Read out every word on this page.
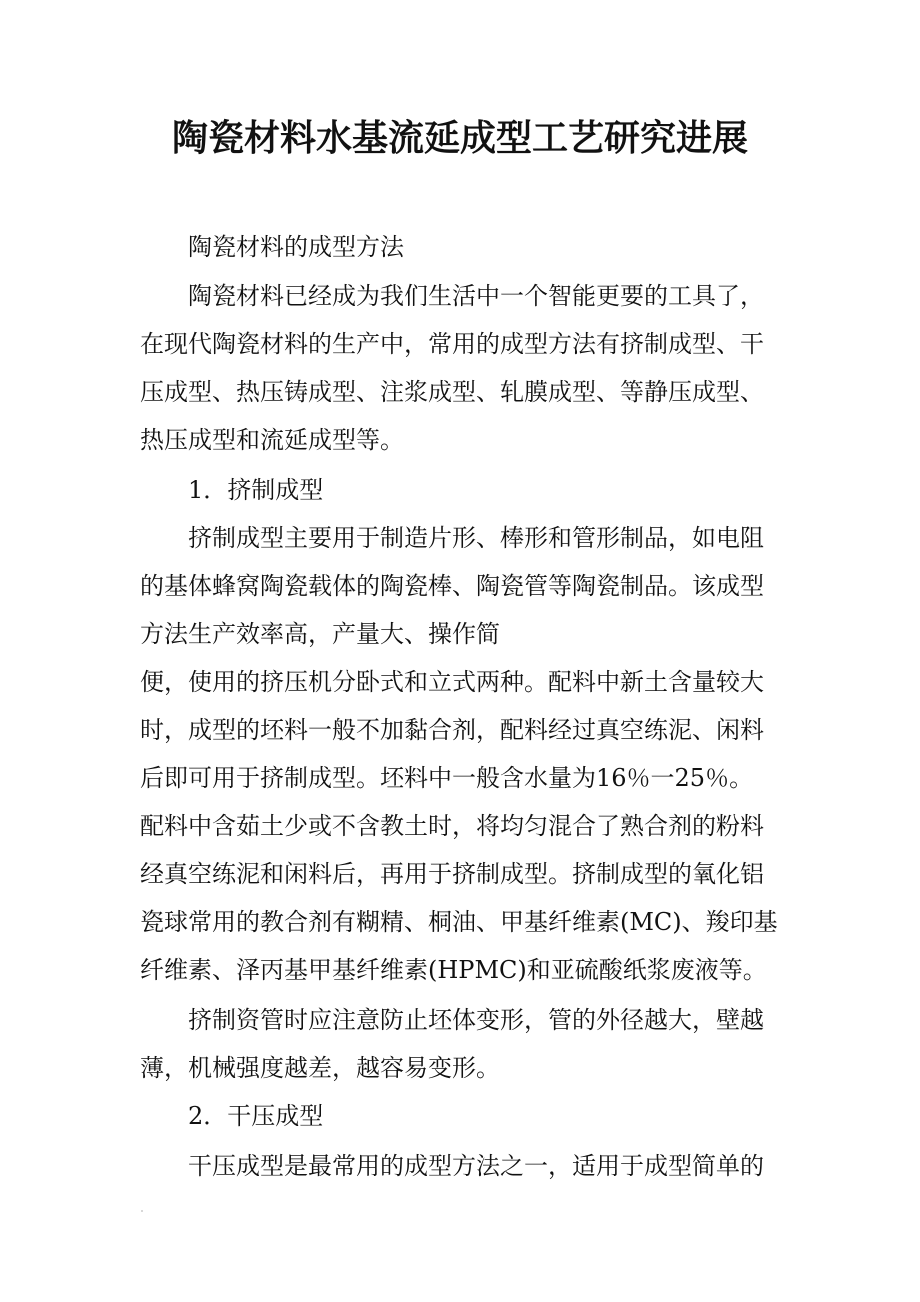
陶瓷材料水基流延成型工艺研究进展
陶瓷材料的成型方法
陶瓷材料已经成为我们生活中一个智能更要的工具了，
在现代陶瓷材料的生产中，常用的成型方法有挤制成型、干
压成型、热压铸成型、注浆成型、轧膜成型、等静压成型、
热压成型和流延成型等。
1．挤制成型
挤制成型主要用于制造片形、棒形和管形制品，如电阻
的基体蜂窝陶瓷载体的陶瓷棒、陶瓷管等陶瓷制品。该成型
方法生产效率高，产量大、操作简
便，使用的挤压机分卧式和立式两种。配料中新土含量较大
时，成型的坯料一般不加黏合剂，配料经过真空练泥、闲料
后即可用于挤制成型。坯料中一般含水量为16％一25％。
配料中含茹土少或不含教土时，将均匀混合了熟合剂的粉料
经真空练泥和闲料后，再用于挤制成型。挤制成型的氧化铝
瓷球常用的教合剂有糊精、桐油、甲基纤维素(MC)、羧印基
纤维素、泽丙基甲基纤维素(HPMC)和亚硫酸纸浆废液等。
挤制资管时应注意防止坯体变形，管的外径越大，壁越
薄，机械强度越差，越容易变形。
2．干压成型
干压成型是最常用的成型方法之一，适用于成型简单的
